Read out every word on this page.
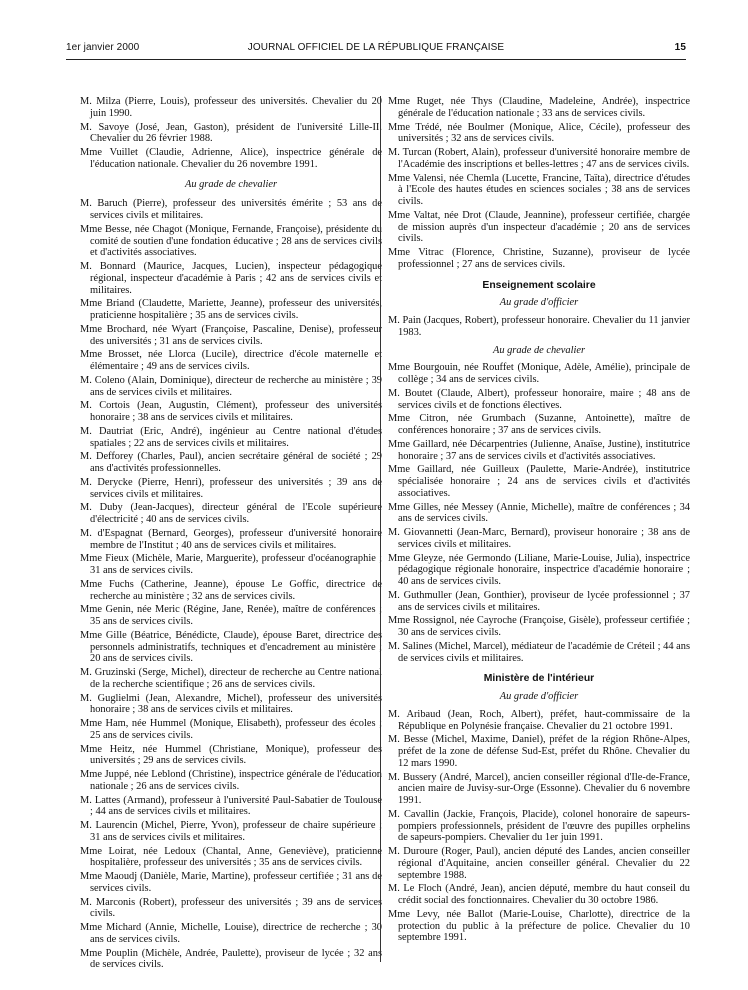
1er janvier 2000	JOURNAL OFFICIEL DE LA RÉPUBLIQUE FRANÇAISE	15

M. Milza (Pierre, Louis), professeur des universités. Chevalier du 20 juin 1990.

M. Savoye (José, Jean, Gaston), président de l'université Lille-II. Chevalier du 26 février 1988.

Mme Vuillet (Claudie, Adrienne, Alice), inspectrice générale de l'éducation nationale. Chevalier du 26 novembre 1991.

Au grade de chevalier

M. Baruch (Pierre), professeur des universités émérite ; 53 ans de services civils et militaires.

Mme Besse, née Chagot (Monique, Fernande, Françoise), présidente du comité de soutien d'une fondation éducative ; 28 ans de services civils et d'activités associatives.

M. Bonnard (Maurice, Jacques, Lucien), inspecteur pédagogique régional, inspecteur d'académie à Paris ; 42 ans de services civils et militaires.

Mme Briand (Claudette, Mariette, Jeanne), professeur des universités, praticienne hospitalière ; 35 ans de services civils.

Mme Brochard, née Wyart (Françoise, Pascaline, Denise), professeur des universités ; 31 ans de services civils.

Mme Brosset, née Llorca (Lucile), directrice d'école maternelle et élémentaire ; 49 ans de services civils.

M. Coleno (Alain, Dominique), directeur de recherche au ministère ; 39 ans de services civils et militaires.

M. Cortois (Jean, Augustin, Clément), professeur des universités honoraire ; 38 ans de services civils et militaires.

M. Dautriat (Eric, André), ingénieur au Centre national d'études spatiales ; 22 ans de services civils et militaires.

M. Defforey (Charles, Paul), ancien secrétaire général de société ; 29 ans d'activités professionnelles.

M. Derycke (Pierre, Henri), professeur des universités ; 39 ans de services civils et militaires.

M. Duby (Jean-Jacques), directeur général de l'Ecole supérieure d'électricité ; 40 ans de services civils.

M. d'Espagnat (Bernard, Georges), professeur d'université honoraire membre de l'Institut ; 40 ans de services civils et militaires.

Mme Fieux (Michèle, Marie, Marguerite), professeur d'océanographie ; 31 ans de services civils.

Mme Fuchs (Catherine, Jeanne), épouse Le Goffic, directrice de recherche au ministère ; 32 ans de services civils.

Mme Genin, née Meric (Régine, Jane, Renée), maître de conférences ; 35 ans de services civils.

Mme Gille (Béatrice, Bénédicte, Claude), épouse Baret, directrice des personnels administratifs, techniques et d'encadrement au ministère ; 20 ans de services civils.

M. Gruzinski (Serge, Michel), directeur de recherche au Centre national de la recherche scientifique ; 26 ans de services civils.

M. Guglielmi (Jean, Alexandre, Michel), professeur des universités honoraire ; 38 ans de services civils et militaires.

Mme Ham, née Hummel (Monique, Elisabeth), professeur des écoles ; 25 ans de services civils.

Mme Heitz, née Hummel (Christiane, Monique), professeur des universités ; 29 ans de services civils.

Mme Juppé, née Leblond (Christine), inspectrice générale de l'éducation nationale ; 26 ans de services civils.

M. Lattes (Armand), professeur à l'université Paul-Sabatier de Toulouse ; 44 ans de services civils et militaires.

M. Laurencin (Michel, Pierre, Yvon), professeur de chaire supérieure ; 31 ans de services civils et militaires.

Mme Loirat, née Ledoux (Chantal, Anne, Geneviève), praticienne hospitalière, professeur des universités ; 35 ans de services civils.

Mme Maoudj (Danièle, Marie, Martine), professeur certifiée ; 31 ans de services civils.

M. Marconis (Robert), professeur des universités ; 39 ans de services civils.

Mme Michard (Annie, Michelle, Louise), directrice de recherche ; 30 ans de services civils.

Mme Pouplin (Michèle, Andrée, Paulette), proviseur de lycée ; 32 ans de services civils.

Mme Ruget, née Thys (Claudine, Madeleine, Andrée), inspectrice générale de l'éducation nationale ; 33 ans de services civils.

Mme Trédé, née Boulmer (Monique, Alice, Cécile), professeur des universités ; 32 ans de services civils.

M. Turcan (Robert, Alain), professeur d'université honoraire membre de l'Académie des inscriptions et belles-lettres ; 47 ans de services civils.

Mme Valensi, née Chemla (Lucette, Francine, Taïta), directrice d'études à l'Ecole des hautes études en sciences sociales ; 38 ans de services civils.

Mme Valtat, née Drot (Claude, Jeannine), professeur certifiée, chargée de mission auprès d'un inspecteur d'académie ; 20 ans de services civils.

Mme Vitrac (Florence, Christine, Suzanne), proviseur de lycée professionnel ; 27 ans de services civils.

Enseignement scolaire
Au grade d'officier

M. Pain (Jacques, Robert), professeur honoraire. Chevalier du 11 janvier 1983.

Au grade de chevalier

Mme Bourgouin, née Rouffet (Monique, Adèle, Amélie), principale de collège ; 34 ans de services civils.

M. Boutet (Claude, Albert), professeur honoraire, maire ; 48 ans de services civils et de fonctions électives.

Mme Citron, née Grumbach (Suzanne, Antoinette), maître de conférences honoraire ; 37 ans de services civils.

Mme Gaillard, née Décarpentries (Julienne, Anaïse, Justine), institutrice honoraire ; 37 ans de services civils et d'activités associatives.

Mme Gaillard, née Guilleux (Paulette, Marie-Andrée), institutrice spécialisée honoraire ; 24 ans de services civils et d'activités associatives.

Mme Gilles, née Messey (Annie, Michelle), maître de conférences ; 34 ans de services civils.

M. Giovannetti (Jean-Marc, Bernard), proviseur honoraire ; 38 ans de services civils et militaires.

Mme Gleyze, née Germondo (Liliane, Marie-Louise, Julia), inspectrice pédagogique régionale honoraire, inspectrice d'académie honoraire ; 40 ans de services civils.

M. Guthmuller (Jean, Gonthier), proviseur de lycée professionnel ; 37 ans de services civils et militaires.

Mme Rossignol, née Cayroche (Françoise, Gisèle), professeur certifiée ; 30 ans de services civils.

M. Salines (Michel, Marcel), médiateur de l'académie de Créteil ; 44 ans de services civils et militaires.

Ministère de l'intérieur
Au grade d'officier

M. Aribaud (Jean, Roch, Albert), préfet, haut-commissaire de la République en Polynésie française. Chevalier du 21 octobre 1991.

M. Besse (Michel, Maxime, Daniel), préfet de la région Rhône-Alpes, préfet de la zone de défense Sud-Est, préfet du Rhône. Chevalier du 12 mars 1990.

M. Bussery (André, Marcel), ancien conseiller régional d'Ile-de-France, ancien maire de Juvisy-sur-Orge (Essonne). Chevalier du 6 novembre 1991.

M. Cavallin (Jackie, François, Placide), colonel honoraire de sapeurs-pompiers professionnels, président de l'œuvre des pupilles orphelins de sapeurs-pompiers. Chevalier du 1er juin 1991.

M. Duroure (Roger, Paul), ancien député des Landes, ancien conseiller régional d'Aquitaine, ancien conseiller général. Chevalier du 22 septembre 1988.

M. Le Floch (André, Jean), ancien député, membre du haut conseil du crédit social des fonctionnaires. Chevalier du 30 octobre 1986.

Mme Levy, née Ballot (Marie-Louise, Charlotte), directrice de la protection du public à la préfecture de police. Chevalier du 10 septembre 1991.
